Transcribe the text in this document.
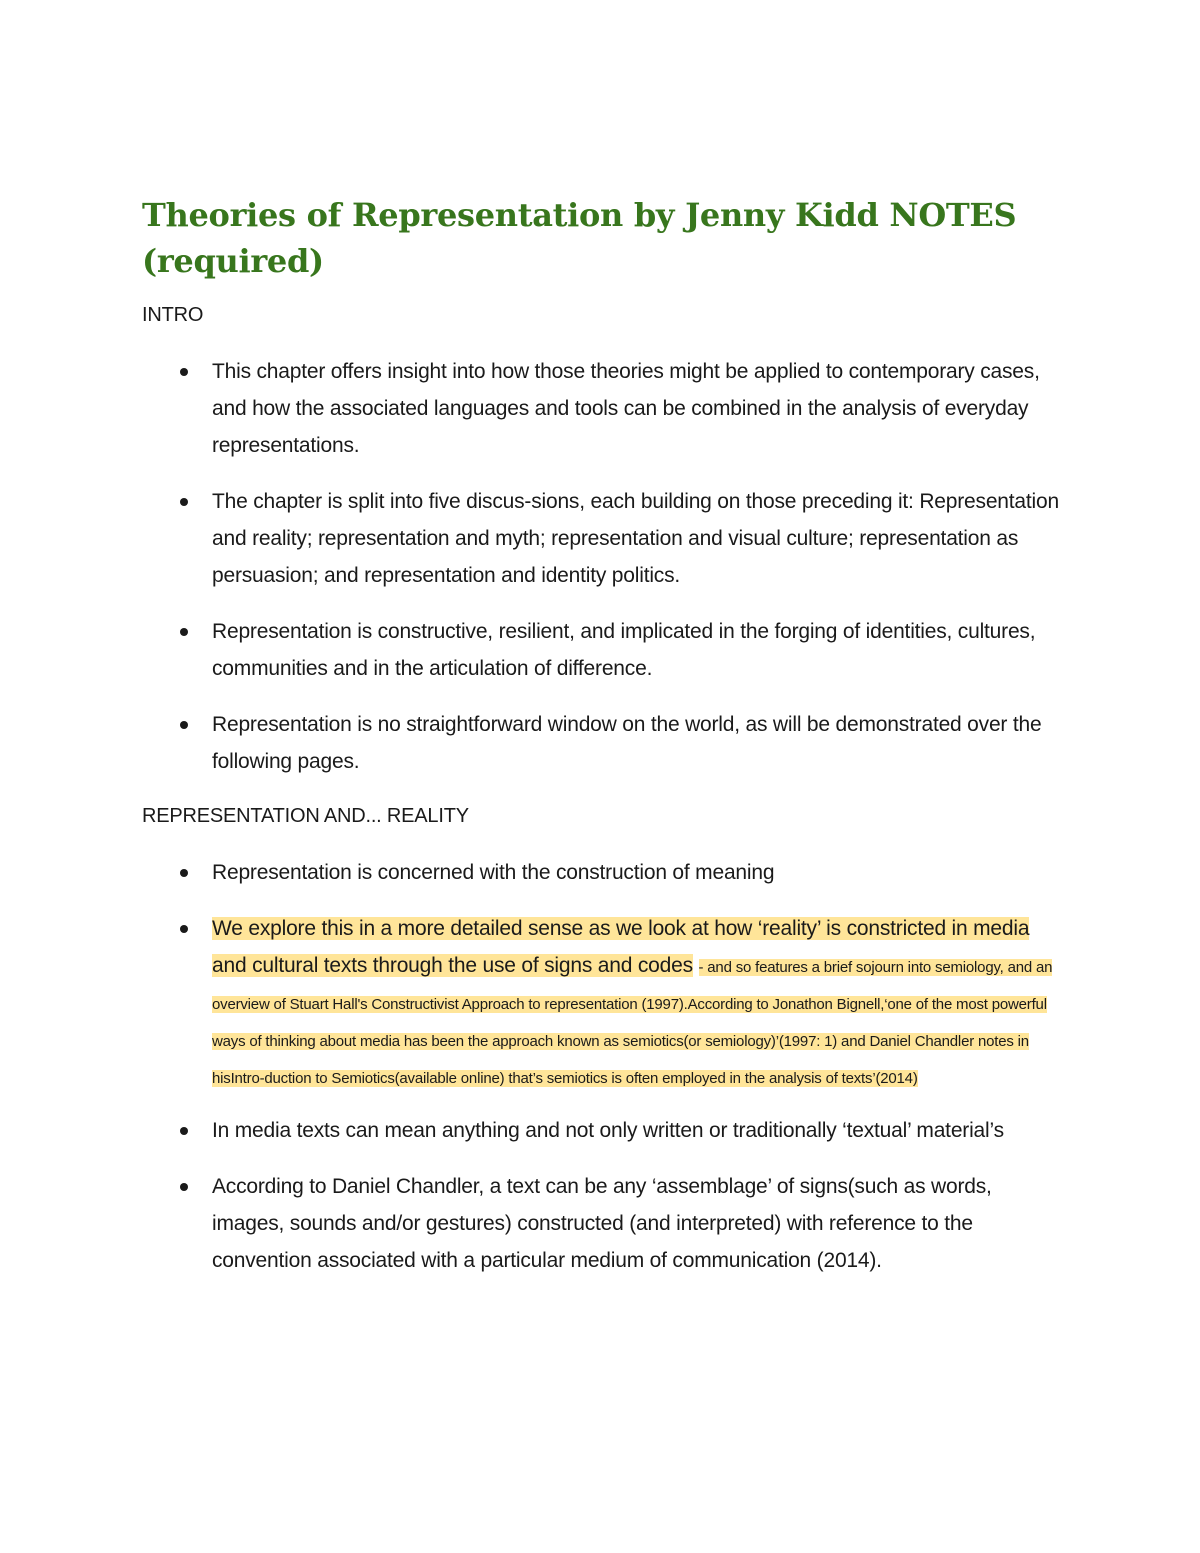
Theories of Representation by Jenny Kidd NOTES (required)

INTRO

This chapter offers insight into how those theories might be applied to contemporary cases, and how the associated languages and tools can be combined in the analysis of everyday representations.
The chapter is split into five discus-sions, each building on those preceding it: Representation and reality; representation and myth; representation and visual culture; representation as persuasion; and representation and identity politics.
Representation is constructive, resilient, and implicated in the forging of identities, cultures, communities and in the articulation of difference.
Representation is no straightforward window on the world, as will be demonstrated over the following pages.

REPRESENTATION AND... REALITY

Representation is concerned with the construction of meaning
We explore this in a more detailed sense as we look at how ‘reality’ is constricted in media and cultural texts through the use of signs and codes - and so features a brief sojourn into semiology, and an overview of Stuart Hall's Constructivist Approach to representation (1997).According to Jonathon Bignell,‘one of the most powerful ways of thinking about media has been the approach known as semiotics(or semiology)’(1997: 1) and Daniel Chandler notes in hisIntro-duction to Semiotics(available online) that’s semiotics is often employed in the analysis of texts’(2014)
In media texts can mean anything and not only written or traditionally ‘textual’ material’s
According to Daniel Chandler, a text can be any ‘assemblage’ of signs(such as words, images, sounds and/or gestures) constructed (and interpreted) with reference to the convention associated with a particular medium of communication (2014).
